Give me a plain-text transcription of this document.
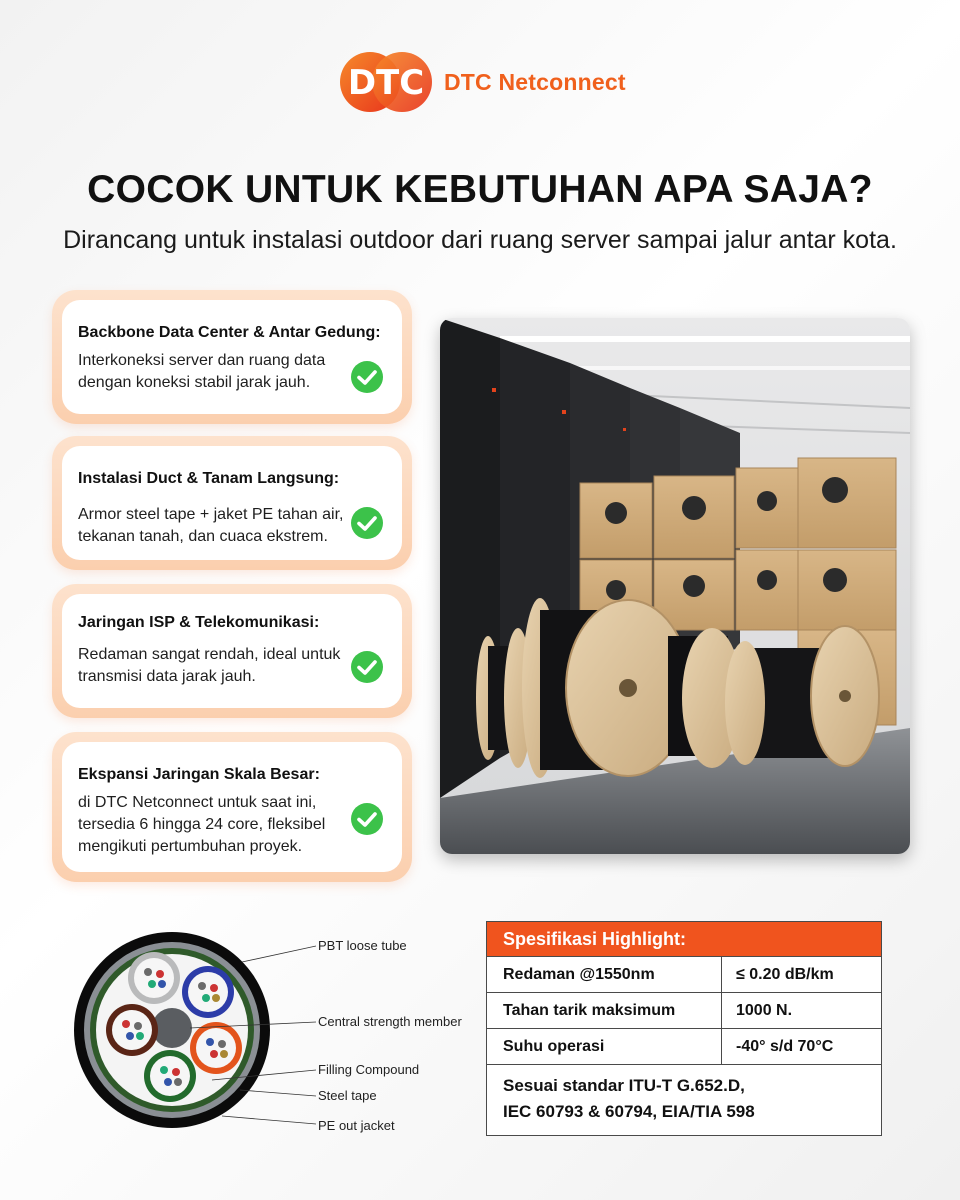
DTC DTC Netconnect
COCOK UNTUK KEBUTUHAN APA SAJA?
Dirancang untuk instalasi outdoor dari ruang server sampai jalur antar kota.
Backbone Data Center & Antar Gedung:
Interkoneksi server dan ruang data
dengan koneksi stabil jarak jauh.
Instalasi Duct & Tanam Langsung:
Armor steel tape + jaket PE tahan air,
tekanan tanah, dan cuaca ekstrem.
Jaringan ISP & Telekomunikasi:
Redaman sangat rendah, ideal untuk
transmisi data jarak jauh.
Ekspansi Jaringan Skala Besar:
di DTC Netconnect untuk saat ini,
tersedia 6 hingga 24 core, fleksibel
mengikuti pertumbuhan proyek.
PBT loose tube
Central strength member
Filling Compound
Steel tape
PE out jacket
Spesifikasi Highlight:
Redaman @1550nm	≤ 0.20 dB/km
Tahan tarik maksimum	1000 N.
Suhu operasi	-40° s/d 70°C
Sesuai standar ITU-T G.652.D,
IEC 60793 & 60794, EIA/TIA 598
